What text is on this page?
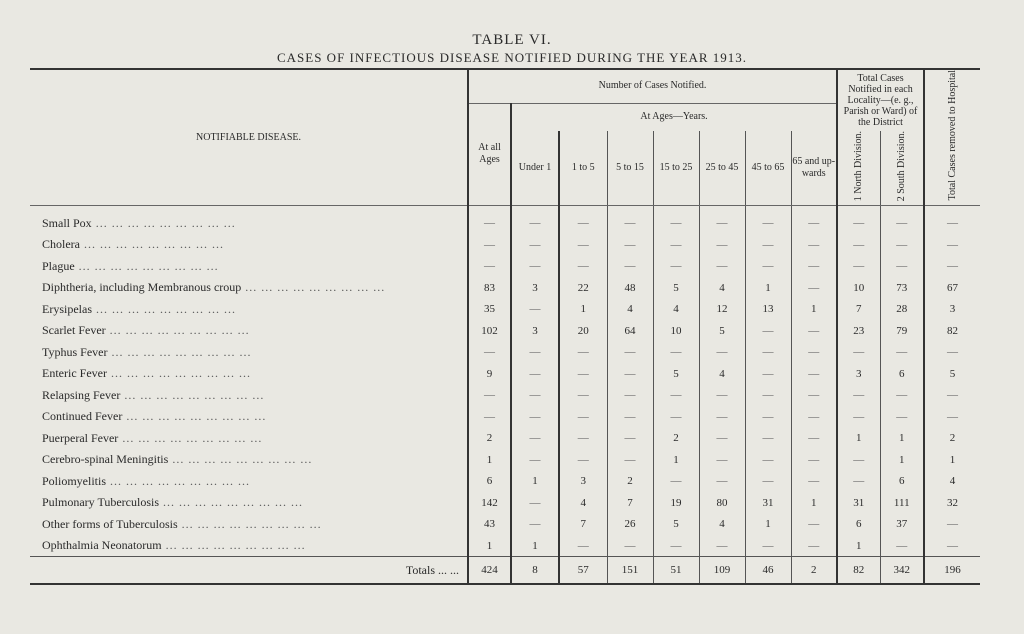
TABLE VI.
CASES OF INFECTIOUS DISEASE NOTIFIED DURING THE YEAR 1913.
NOTIFIABLE DISEASE.	Number of Cases Notified.								Total Cases Notified in each Locality—(e. g., Parish or Ward) of the District		Total Cases removed to Hospital
	At all Ages	At Ages—Years.									
		Under 1	1 to 5	5 to 15	15 to 25	25 to 45	45 to 65	65 and up-wards	1 North Division.	2 South Division.	
Small Pox ... ... ... ... ... ... ... ... ...	—	—	—	—	—	—	—	—	—	—	—
Cholera ... ... ... ... ... ... ... ... ...	—	—	—	—	—	—	—	—	—	—	—
Plague ... ... ... ... ... ... ... ... ...	—	—	—	—	—	—	—	—	—	—	—
Diphtheria, including Membranous croup ... ... ... ... ... ... ... ... ...	83	3	22	48	5	4	1	—	10	73	67
Erysipelas ... ... ... ... ... ... ... ... ...	35	—	1	4	4	12	13	1	7	28	3
Scarlet Fever ... ... ... ... ... ... ... ... ...	102	3	20	64	10	5	—	—	23	79	82
Typhus Fever ... ... ... ... ... ... ... ... ...	—	—	—	—	—	—	—	—	—	—	—
Enteric Fever ... ... ... ... ... ... ... ... ...	9	—	—	—	5	4	—	—	3	6	5
Relapsing Fever ... ... ... ... ... ... ... ... ...	—	—	—	—	—	—	—	—	—	—	—
Continued Fever ... ... ... ... ... ... ... ... ...	—	—	—	—	—	—	—	—	—	—	—
Puerperal Fever ... ... ... ... ... ... ... ... ...	2	—	—	—	2	—	—	—	1	1	2
Cerebro-spinal Meningitis ... ... ... ... ... ... ... ... ...	1	—	—	—	1	—	—	—	—	1	1
Poliomyelitis ... ... ... ... ... ... ... ... ...	6	1	3	2	—	—	—	—	—	6	4
Pulmonary Tuberculosis ... ... ... ... ... ... ... ... ...	142	—	4	7	19	80	31	1	31	111	32
Other forms of Tuberculosis ... ... ... ... ... ... ... ... ...	43	—	7	26	5	4	1	—	6	37	—
Ophthalmia Neonatorum ... ... ... ... ... ... ... ... ...	1	1	—	—	—	—	—	—	1	—	—
Totals ... ...	424	8	57	151	51	109	46	2	82	342	196
